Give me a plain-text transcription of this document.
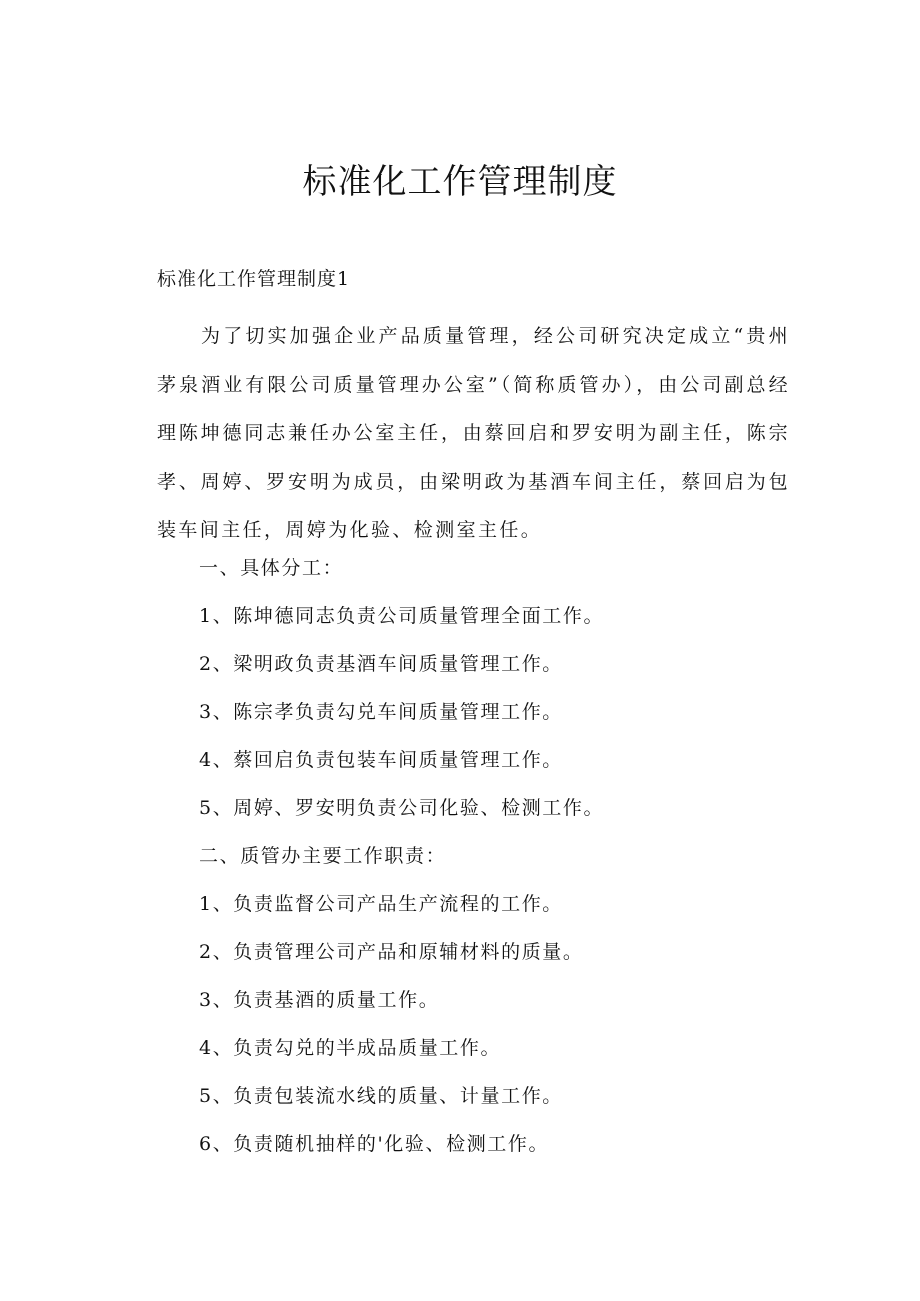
标准化工作管理制度
标准化工作管理制度1
为了切实加强企业产品质量管理，经公司研究决定成立“贵州茅泉酒业有限公司质量管理办公室”（简称质管办），由公司副总经理陈坤德同志兼任办公室主任，由蔡回启和罗安明为副主任，陈宗孝、周婷、罗安明为成员，由梁明政为基酒车间主任，蔡回启为包装车间主任，周婷为化验、检测室主任。
一、具体分工：
1、陈坤德同志负责公司质量管理全面工作。
2、梁明政负责基酒车间质量管理工作。
3、陈宗孝负责勾兑车间质量管理工作。
4、蔡回启负责包装车间质量管理工作。
5、周婷、罗安明负责公司化验、检测工作。
二、质管办主要工作职责：
1、负责监督公司产品生产流程的工作。
2、负责管理公司产品和原辅材料的质量。
3、负责基酒的质量工作。
4、负责勾兑的半成品质量工作。
5、负责包装流水线的质量、计量工作。
6、负责随机抽样的'化验、检测工作。
